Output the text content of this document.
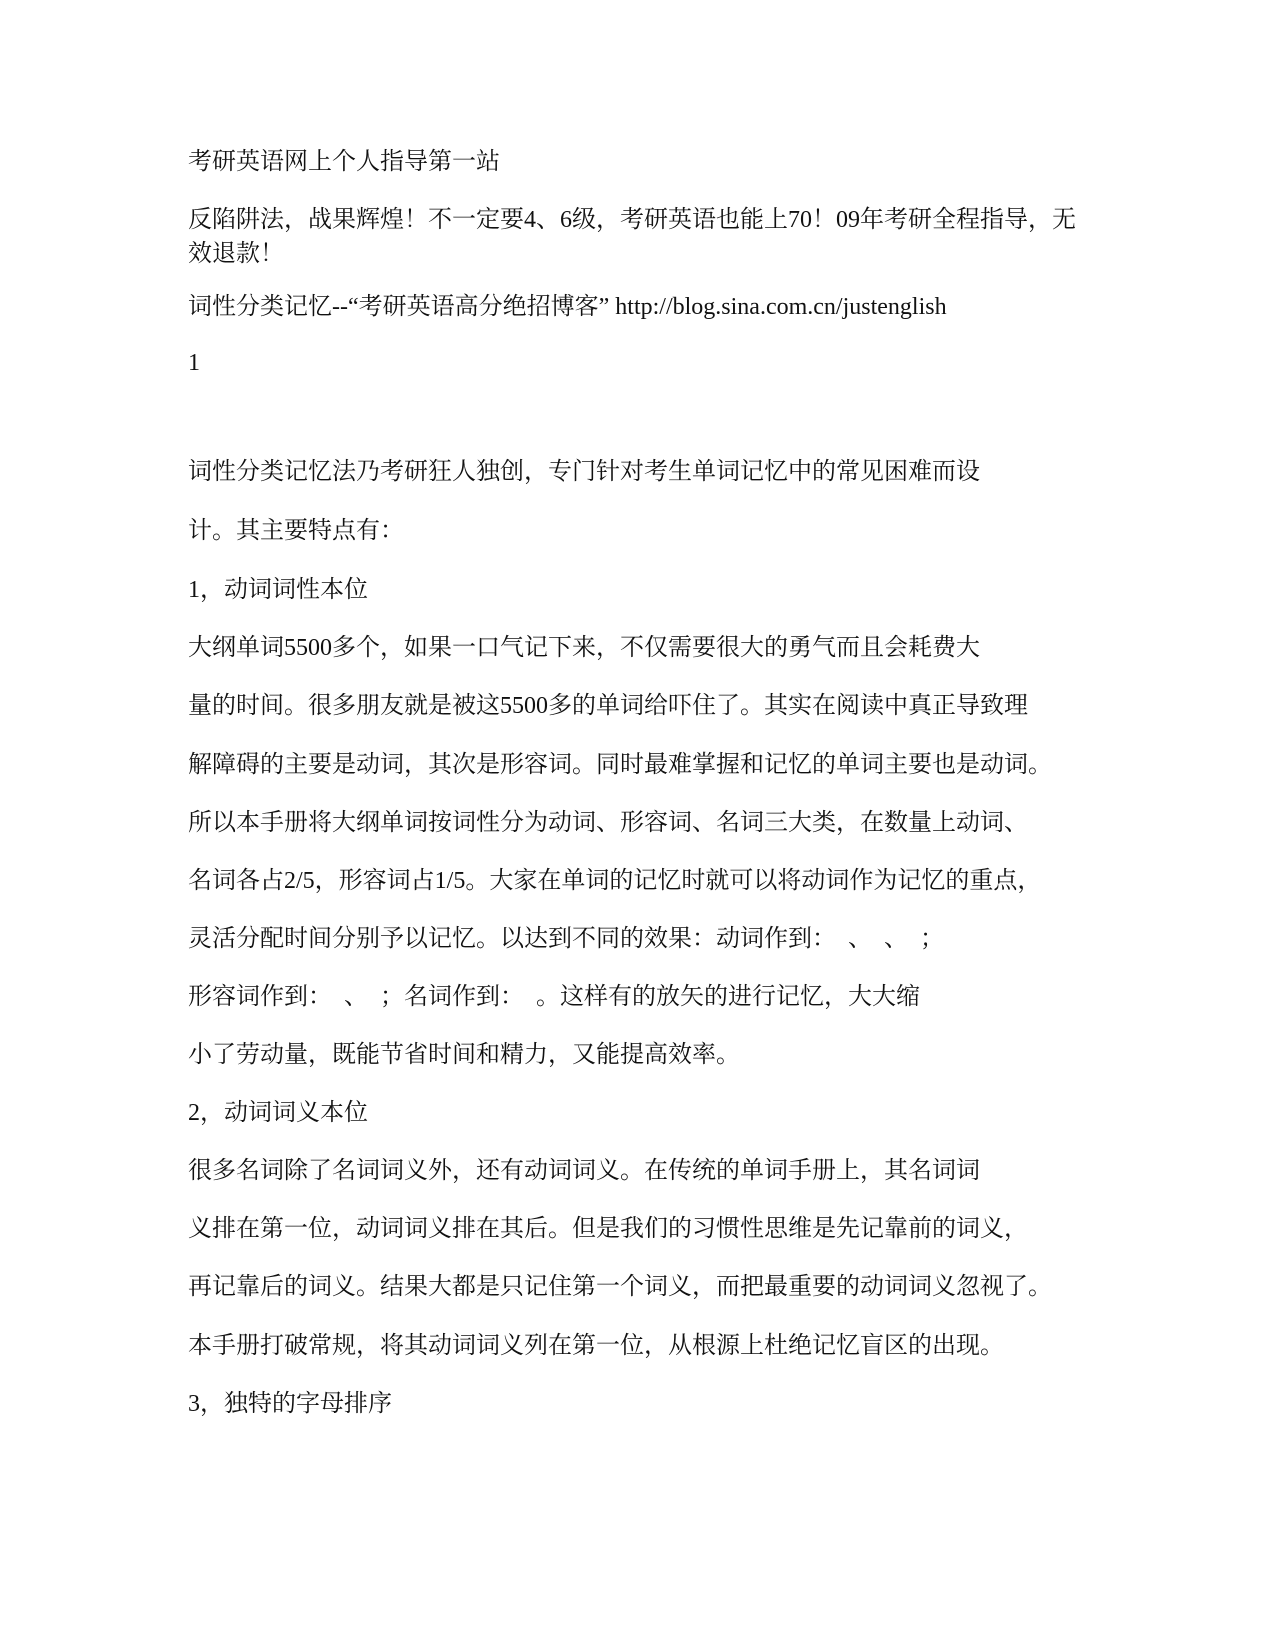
考研英语网上个人指导第一站

反陷阱法，战果辉煌！不一定要4、6级，考研英语也能上70！09年考研全程指导，无效退款！

词性分类记忆--“考研英语高分绝招博客” http://blog.sina.com.cn/justenglish

1

词性分类记忆法乃考研狂人独创，专门针对考生单词记忆中的常见困难而设

计。其主要特点有：

1，动词词性本位

大纲单词5500多个，如果一口气记下来，不仅需要很大的勇气而且会耗费大

量的时间。很多朋友就是被这5500多的单词给吓住了。其实在阅读中真正导致理

解障碍的主要是动词，其次是形容词。同时最难掌握和记忆的单词主要也是动词。

所以本手册将大纲单词按词性分为动词、形容词、名词三大类，在数量上动词、

名词各占2/5，形容词占1/5。大家在单词的记忆时就可以将动词作为记忆的重点，

灵活分配时间分别予以记忆。以达到不同的效果：动词作到：　、　、　；

形容词作到：　、　；名词作到：　。这样有的放矢的进行记忆，大大缩

小了劳动量，既能节省时间和精力，又能提高效率。

2，动词词义本位

很多名词除了名词词义外，还有动词词义。在传统的单词手册上，其名词词

义排在第一位，动词词义排在其后。但是我们的习惯性思维是先记靠前的词义，

再记靠后的词义。结果大都是只记住第一个词义，而把最重要的动词词义忽视了。

本手册打破常规，将其动词词义列在第一位，从根源上杜绝记忆盲区的出现。

3，独特的字母排序
